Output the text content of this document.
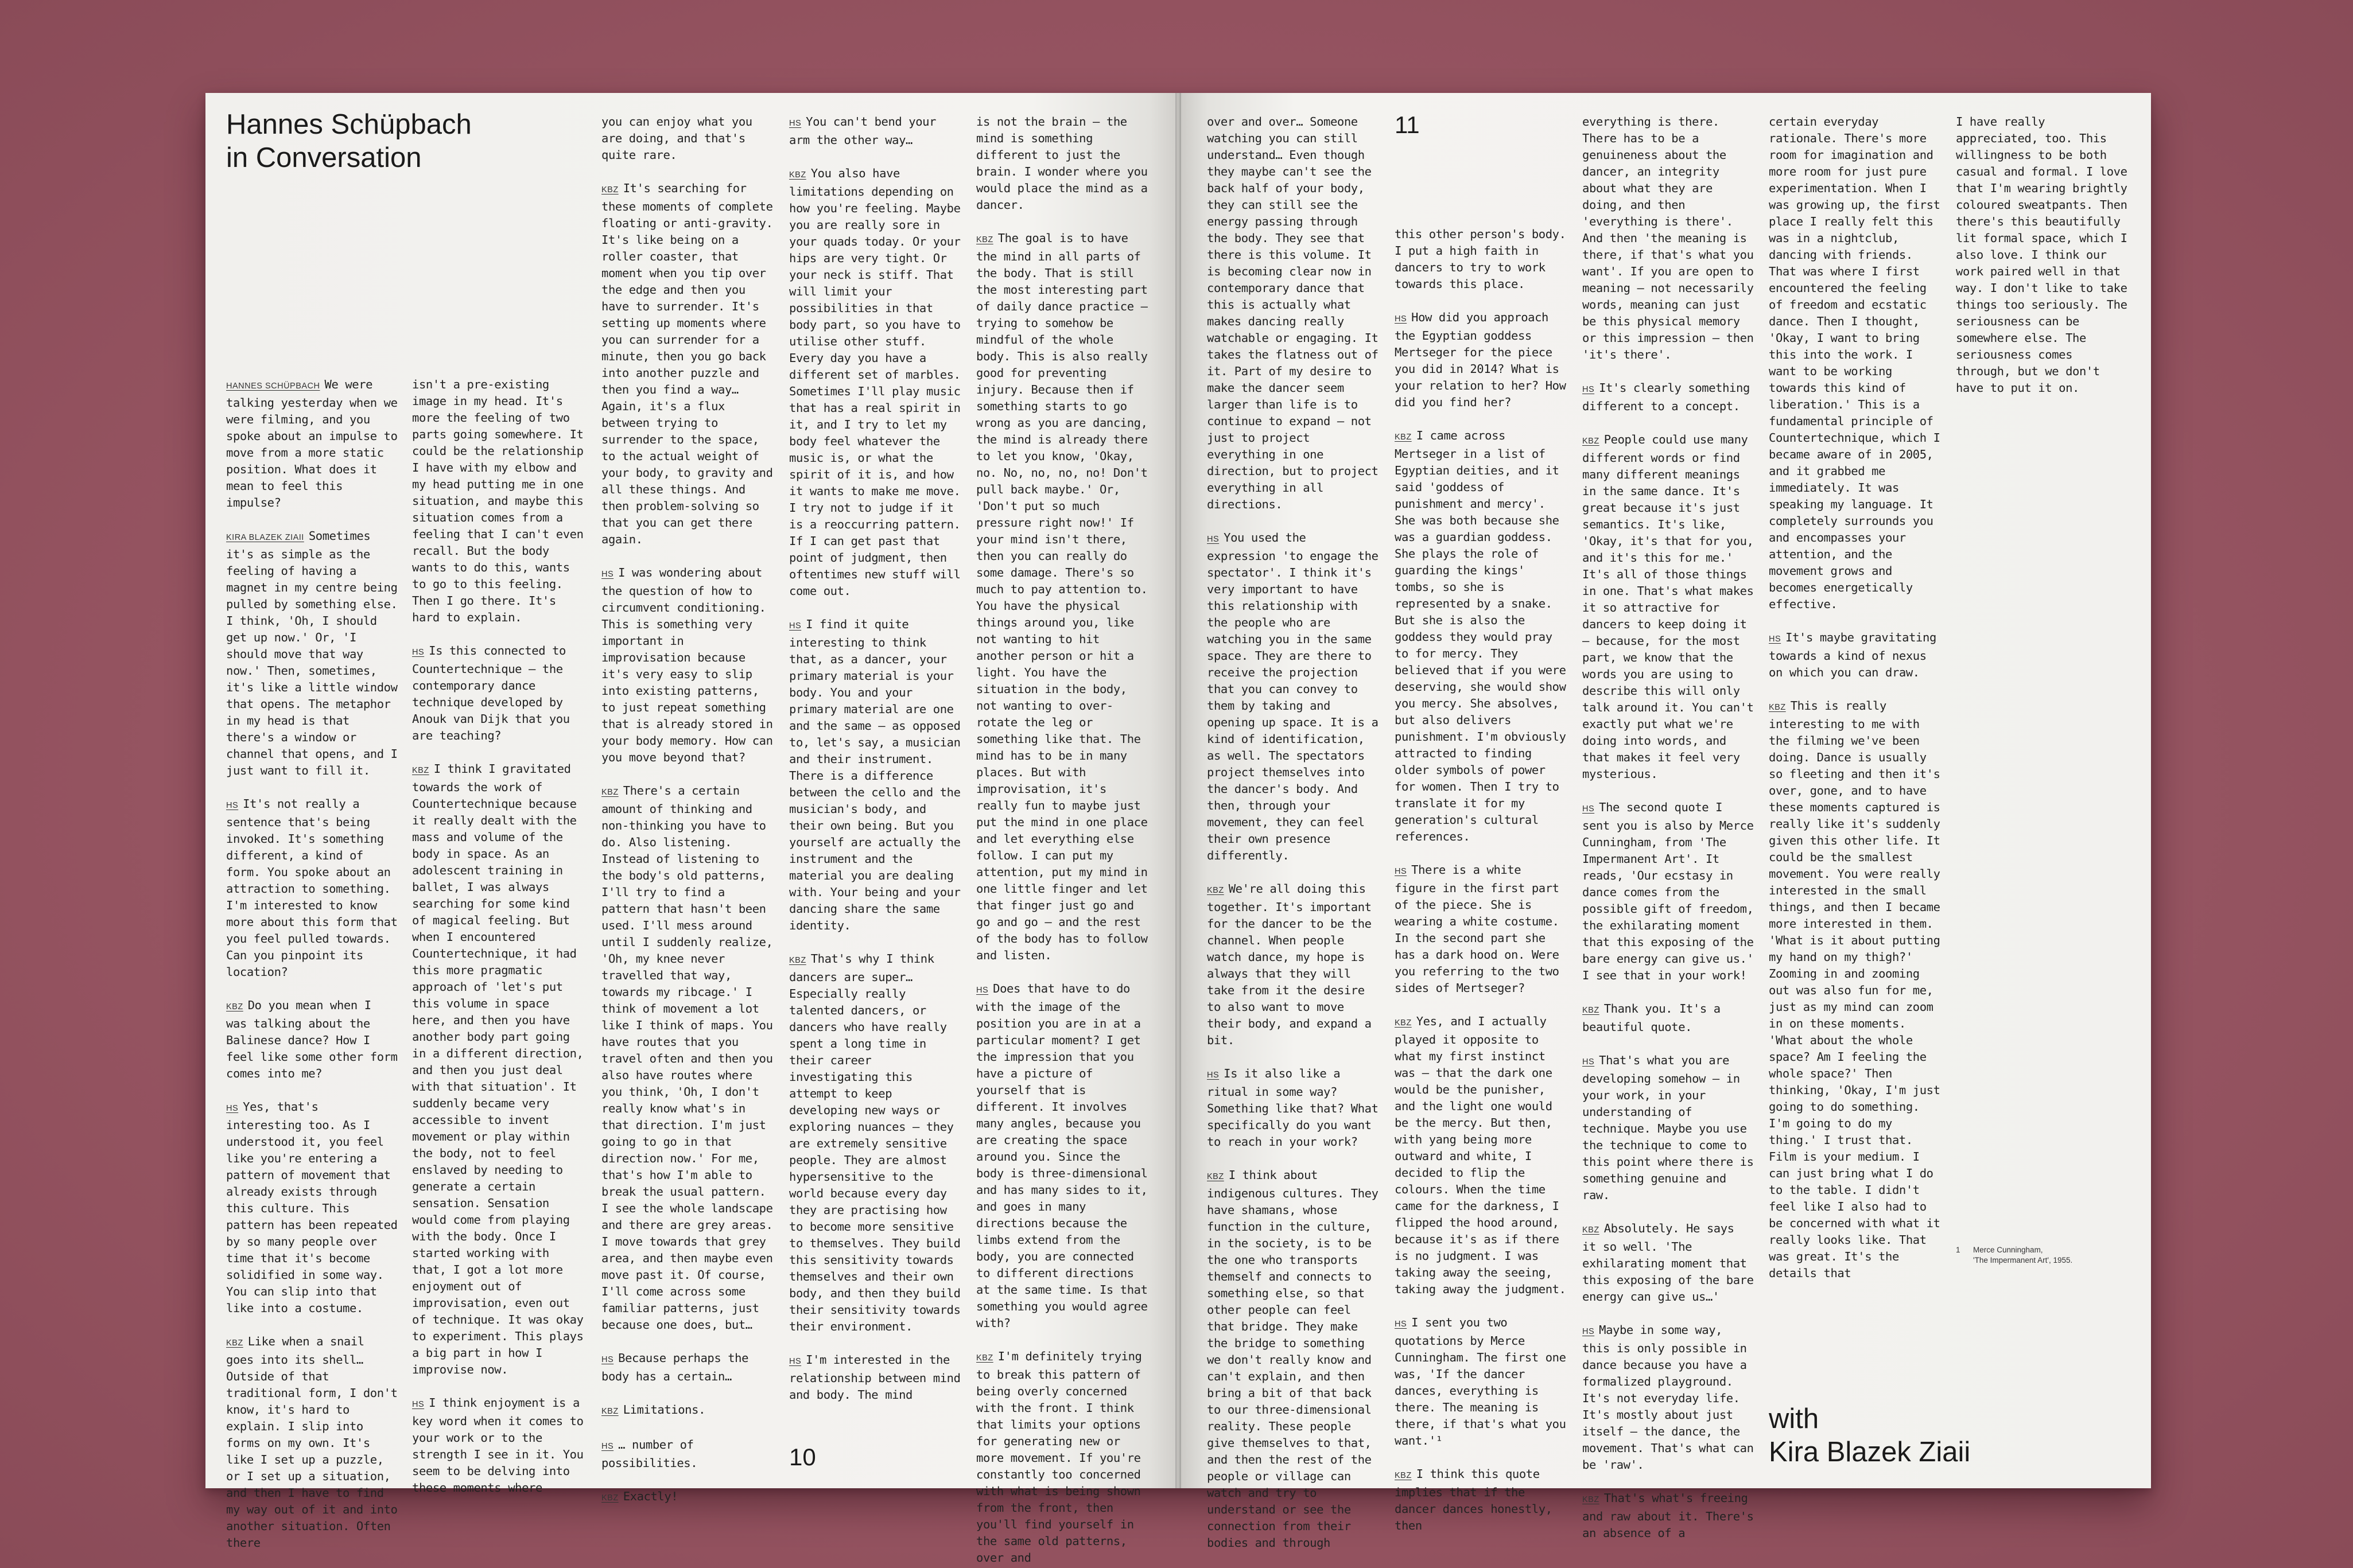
Hannes Schüpbach
in Conversation

HANNES SCHÜPBACH We were talking yesterday when we were filming, and you spoke about an impulse to move from a more static position. What does it mean to feel this impulse?

KIRA BLAZEK ZIAII Sometimes it's as simple as the feeling of having a magnet in my centre being pulled by something else. I think, 'Oh, I should get up now.' Or, 'I should move that way now.' Then, sometimes, it's like a little window that opens. The metaphor in my head is that there's a window or channel that opens, and I just want to fill it.

HS It's not really a sentence that's being invoked. It's something different, a kind of form. You spoke about an attraction to something. I'm interested to know more about this form that you feel pulled towards. Can you pinpoint its location?

KBZ Do you mean when I was talking about the Balinese dance? How I feel like some other form comes into me?

HS Yes, that's interesting too. As I understood it, you feel like you're entering a pattern of movement that already exists through this culture. This pattern has been repeated by so many people over time that it's become solidified in some way. You can slip into that like into a costume.

KBZ Like when a snail goes into its shell… Outside of that traditional form, I don't know, it's hard to explain. I slip into forms on my own. It's like I set up a puzzle, or I set up a situation, and then I have to find my way out of it and into another situation. Often there

isn't a pre-existing image in my head. It's more the feeling of two parts going somewhere. It could be the relationship I have with my elbow and my head putting me in one situation, and maybe this situation comes from a feeling that I can't even recall. But the body wants to do this, wants to go to this feeling. Then I go there. It's hard to explain.

HS Is this connected to Countertechnique – the contemporary dance technique developed by Anouk van Dijk that you are teaching?

KBZ I think I gravitated towards the work of Countertechnique because it really dealt with the mass and volume of the body in space. As an adolescent training in ballet, I was always searching for some kind of magical feeling. But when I encountered Countertechnique, it had this more pragmatic approach of 'let's put this volume in space here, and then you have another body part going in a different direction, and then you just deal with that situation'. It suddenly became very accessible to invent movement or play within the body, not to feel enslaved by needing to generate a certain sensation. Sensation would come from playing with the body. Once I started working with that, I got a lot more enjoyment out of improvisation, even out of technique. It was okay to experiment. This plays a big part in how I improvise now.

HS I think enjoyment is a key word when it comes to your work or to the strength I see in it. You seem to be delving into these moments where

you can enjoy what you are doing, and that's quite rare.

KBZ It's searching for these moments of complete floating or anti-gravity. It's like being on a roller coaster, that moment when you tip over the edge and then you have to surrender. It's setting up moments where you can surrender for a minute, then you go back into another puzzle and then you find a way… Again, it's a flux between trying to surrender to the space, to the actual weight of your body, to gravity and all these things. And then problem-solving so that you can get there again.

HS I was wondering about the question of how to circumvent conditioning. This is something very important in improvisation because it's very easy to slip into existing patterns, to just repeat something that is already stored in your body memory. How can you move beyond that?

KBZ There's a certain amount of thinking and non-thinking you have to do. Also listening. Instead of listening to the body's old patterns, I'll try to find a pattern that hasn't been used. I'll mess around until I suddenly realize, 'Oh, my knee never travelled that way, towards my ribcage.' I think of movement a lot like I think of maps. You have routes that you travel often and then you also have routes where you think, 'Oh, I don't really know what's in that direction. I'm just going to go in that direction now.' For me, that's how I'm able to break the usual pattern. I see the whole landscape and there are grey areas. I move towards that grey area, and then maybe even move past it. Of course, I'll come across some familiar patterns, just because one does, but…

HS Because perhaps the body has a certain…

KBZ Limitations.

HS … number of possibilities.

KBZ Exactly!

HS You can't bend your arm the other way…

KBZ You also have limitations depending on how you're feeling. Maybe you are really sore in your quads today. Or your hips are very tight. Or your neck is stiff. That will limit your possibilities in that body part, so you have to utilise other stuff. Every day you have a different set of marbles. Sometimes I'll play music that has a real spirit in it, and I try to let my body feel whatever the music is, or what the spirit of it is, and how it wants to make me move. I try not to judge if it is a reoccurring pattern. If I can get past that point of judgment, then oftentimes new stuff will come out.

HS I find it quite interesting to think that, as a dancer, your primary material is your body. You and your primary material are one and the same – as opposed to, let's say, a musician and their instrument. There is a difference between the cello and the musician's body, and their own being. But you yourself are actually the instrument and the material you are dealing with. Your being and your dancing share the same identity.

KBZ That's why I think dancers are super… Especially really talented dancers, or dancers who have really spent a long time in their career investigating this attempt to keep developing new ways or exploring nuances – they are extremely sensitive people. They are almost hypersensitive to the world because every day they are practising how to become more sensitive to themselves. They build this sensitivity towards themselves and their own body, and then they build their sensitivity towards their environment.

HS I'm interested in the relationship between mind and body. The mind

is not the brain – the mind is something different to just the brain. I wonder where you would place the mind as a dancer.

KBZ The goal is to have the mind in all parts of the body. That is still the most interesting part of daily dance practice – trying to somehow be mindful of the whole body. This is also really good for preventing injury. Because then if something starts to go wrong as you are dancing, the mind is already there to let you know, 'Okay, no. No, no, no, no! Don't pull back maybe.' Or, 'Don't put so much pressure right now!' If your mind isn't there, then you can really do some damage. There's so much to pay attention to. You have the physical things around you, like not wanting to hit another person or hit a light. You have the situation in the body, not wanting to over-rotate the leg or something like that. The mind has to be in many places. But with improvisation, it's really fun to maybe just put the mind in one place and let everything else follow. I can put my attention, put my mind in one little finger and let that finger just go and go and go – and the rest of the body has to follow and listen.

HS Does that have to do with the image of the position you are in at a particular moment? I get the impression that you have a picture of yourself that is different. It involves many angles, because you are creating the space around you. Since the body is three-dimensional and has many sides to it, and goes in many directions because the limbs extend from the body, you are connected to different directions at the same time. Is that something you would agree with?

KBZ I'm definitely trying to break this pattern of being overly concerned with the front. I think that limits your options for generating new or more movement. If you're constantly too concerned with what is being shown from the front, then you'll find yourself in the same old patterns, over and

10

over and over… Someone watching you can still understand… Even though they maybe can't see the back half of your body, they can still see the energy passing through the body. They see that there is this volume. It is becoming clear now in contemporary dance that this is actually what makes dancing really watchable or engaging. It takes the flatness out of it. Part of my desire to make the dancer seem larger than life is to continue to expand – not just to project everything in one direction, but to project everything in all directions.

HS You used the expression 'to engage the spectator'. I think it's very important to have this relationship with the people who are watching you in the same space. They are there to receive the projection that you can convey to them by taking and opening up space. It is a kind of identification, as well. The spectators project themselves into the dancer's body. And then, through your movement, they can feel their own presence differently.

KBZ We're all doing this together. It's important for the dancer to be the channel. When people watch dance, my hope is always that they will take from it the desire to also want to move their body, and expand a bit.

HS Is it also like a ritual in some way? Something like that? What specifically do you want to reach in your work?

KBZ I think about indigenous cultures. They have shamans, whose function in the culture, in the society, is to be the one who transports themself and connects to something else, so that other people can feel that bridge. They make the bridge to something we don't really know and can't explain, and then bring a bit of that back to our three-dimensional reality. These people give themselves to that, and then the rest of the people or village can watch and try to understand or see the connection from their bodies and through

this other person's body. I put a high faith in dancers to try to work towards this place.

HS How did you approach the Egyptian goddess Mertseger for the piece you did in 2014? What is your relation to her? How did you find her?

KBZ I came across Mertseger in a list of Egyptian deities, and it said 'goddess of punishment and mercy'. She was both because she was a guardian goddess. She plays the role of guarding the kings' tombs, so she is represented by a snake. But she is also the goddess they would pray to for mercy. They believed that if you were deserving, she would show you mercy. She absolves, but also delivers punishment. I'm obviously attracted to finding older symbols of power for women. Then I try to translate it for my generation's cultural references.

HS There is a white figure in the first part of the piece. She is wearing a white costume. In the second part she has a dark hood on. Were you referring to the two sides of Mertseger?

KBZ Yes, and I actually played it opposite to what my first instinct was – that the dark one would be the punisher, and the light one would be the mercy. But then, with yang being more outward and white, I decided to flip the colours. When the time came for the darkness, I flipped the hood around, because it's as if there is no judgment. I was taking away the seeing, taking away the judgment.

HS I sent you two quotations by Merce Cunningham. The first one was, 'If the dancer dances, everything is there. The meaning is there, if that's what you want.'¹

KBZ I think this quote implies that if the dancer dances honestly, then

everything is there. There has to be a genuineness about the dancer, an integrity about what they are doing, and then 'everything is there'. And then 'the meaning is there, if that's what you want'. If you are open to meaning – not necessarily words, meaning can just be this physical memory or this impression – then 'it's there'.

HS It's clearly something different to a concept.

KBZ People could use many different words or find many different meanings in the same dance. It's great because it's just semantics. It's like, 'Okay, it's that for you, and it's this for me.' It's all of those things in one. That's what makes it so attractive for dancers to keep doing it – because, for the most part, we know that the words you are using to describe this will only talk around it. You can't exactly put what we're doing into words, and that makes it feel very mysterious.

HS The second quote I sent you is also by Merce Cunningham, from 'The Impermanent Art'. It reads, 'Our ecstasy in dance comes from the possible gift of freedom, the exhilarating moment that this exposing of the bare energy can give us.' I see that in your work!

KBZ Thank you. It's a beautiful quote.

HS That's what you are developing somehow – in your work, in your understanding of technique. Maybe you use the technique to come to this point where there is something genuine and raw.

KBZ Absolutely. He says it so well. 'The exhilarating moment that this exposing of the bare energy can give us…'

HS Maybe in some way, this is only possible in dance because you have a formalized playground. It's not everyday life. It's mostly about just itself – the dance, the movement. That's what can be 'raw'.

KBZ That's what's freeing and raw about it. There's an absence of a

certain everyday rationale. There's more room for imagination and more room for just pure experimentation. When I was growing up, the first place I really felt this was in a nightclub, dancing with friends. That was where I first encountered the feeling of freedom and ecstatic dance. Then I thought, 'Okay, I want to bring this into the work. I want to be working towards this kind of liberation.' This is a fundamental principle of Countertechnique, which I became aware of in 2005, and it grabbed me immediately. It was speaking my language. It completely surrounds you and encompasses your attention, and the movement grows and becomes energetically effective.

HS It's maybe gravitating towards a kind of nexus on which you can draw.

KBZ This is really interesting to me with the filming we've been doing. Dance is usually so fleeting and then it's over, gone, and to have these moments captured is really like it's suddenly given this other life. It could be the smallest movement. You were really interested in the small things, and then I became more interested in them. 'What is it about putting my hand on my thigh?' Zooming in and zooming out was also fun for me, just as my mind can zoom in on these moments. 'What about the whole space? Am I feeling the whole space?' Then thinking, 'Okay, I'm just going to do something. I'm going to do my thing.' I trust that. Film is your medium. I can just bring what I do to the table. I didn't feel like I also had to be concerned with what it really looks like. That was great. It's the details that

I have really appreciated, too. This willingness to be both casual and formal. I love that I'm wearing brightly coloured sweatpants. Then there's this beautifully lit formal space, which I also love. I think our work paired well in that way. I don't like to take things too seriously. The seriousness can be somewhere else. The seriousness comes through, but we don't have to put it on.

11
1 Merce Cunningham,
'The Impermanent Art', 1955.
with
Kira Blazek Ziaii
